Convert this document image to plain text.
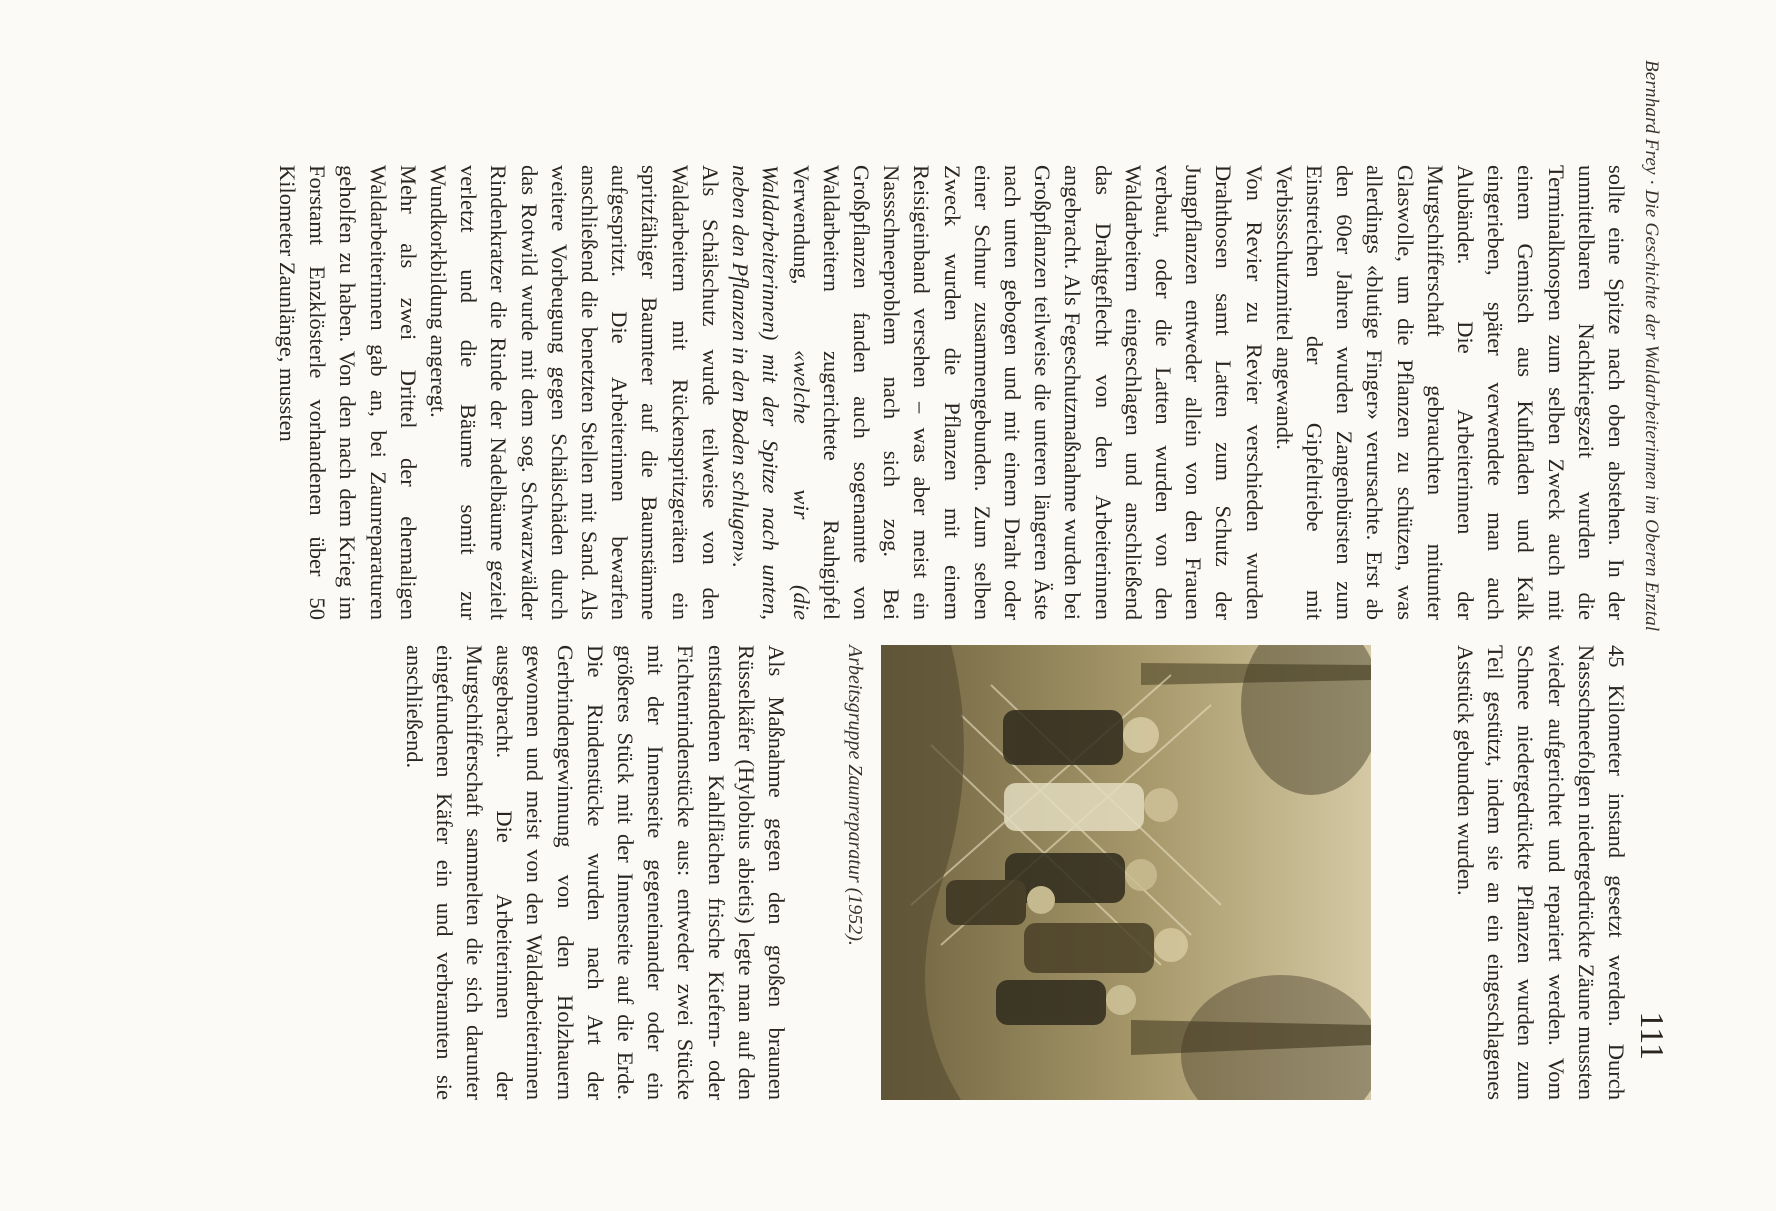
Bernhard Frey · Die Geschichte der Waldarbeiterinnen im Oberen Enztal
111

sollte eine Spitze nach oben abstehen. In der unmittelbaren Nachkriegszeit wurden die Terminalknospen zum selben Zweck auch mit einem Gemisch aus Kuhfladen und Kalk eingerieben, später verwendete man auch Alubänder. Die Arbeiterinnen der Murgschifferschaft gebrauchten mitunter Glaswolle, um die Pflanzen zu schützen, was allerdings «blutige Finger» verursachte. Erst ab den 60er Jahren wurden Zangenbürsten zum Einstreichen der Gipfeltriebe mit Verbissschutzmittel angewandt.

Von Revier zu Revier verschieden wurden Drahthosen samt Latten zum Schutz der Jungpflanzen entweder allein von den Frauen verbaut, oder die Latten wurden von den Waldarbeitern eingeschlagen und anschließend das Drahtgeflecht von den Arbeiterinnen angebracht. Als Fegeschutzmaßnahme wurden bei Großpflanzen teilweise die unteren längeren Äste nach unten gebogen und mit einem Draht oder einer Schnur zusammengebunden. Zum selben Zweck wurden die Pflanzen mit einem Reisigeinband versehen – was aber meist ein Nassschneeproblem nach sich zog. Bei Großpflanzen fanden auch sogenannte von Waldarbeitern zugerichtete Rauhgipfel Verwendung, «welche wir (die Waldarbeiterinnen) mit der Spitze nach unten, neben den Pflanzen in den Boden schlugen».

Als Schälschutz wurde teilweise von den Waldarbeitern mit Rückenspritzgeräten ein spritzfähiger Baumteer auf die Baumstämme aufgespritzt. Die Arbeiterinnen bewarfen anschließend die benetzten Stellen mit Sand. Als weitere Vorbeugung gegen Schälschäden durch das Rotwild wurde mit dem sog. Schwarzwälder Rindenkratzer die Rinde der Nadelbäume gezielt verletzt und die Bäume somit zur Wundkorkbildung angeregt.

Mehr als zwei Drittel der ehemaligen Waldarbeiterinnen gab an, bei Zaunreparaturen geholfen zu haben. Von den nach dem Krieg im Forstamt Enzklösterle vorhandenen über 50 Kilometer Zaunlänge, mussten

45 Kilometer instand gesetzt werden. Durch Nassschneefolgen niedergedrückte Zäune mussten wieder aufgerichtet und repariert werden. Vom Schnee niedergedrückte Pflanzen wurden zum Teil gestützt, indem sie an ein eingeschlagenes Aststück gebunden wurden.

Arbeitsgruppe Zaunreparatur (1952).

Als Maßnahme gegen den großen braunen Rüsselkäfer (Hylobius abietis) legte man auf den entstandenen Kahlflächen frische Kiefern- oder Fichtenrindenstücke aus: entweder zwei Stücke mit der Innenseite gegeneinander oder ein größeres Stück mit der Innenseite auf die Erde. Die Rindenstücke wurden nach Art der Gerbrindengewinnung von den Holzhauern gewonnen und meist von den Waldarbeiterinnen ausgebracht. Die Arbeiterinnen der Murgschifferschaft sammelten die sich darunter eingefundenen Käfer ein und verbrannten sie anschließend.
